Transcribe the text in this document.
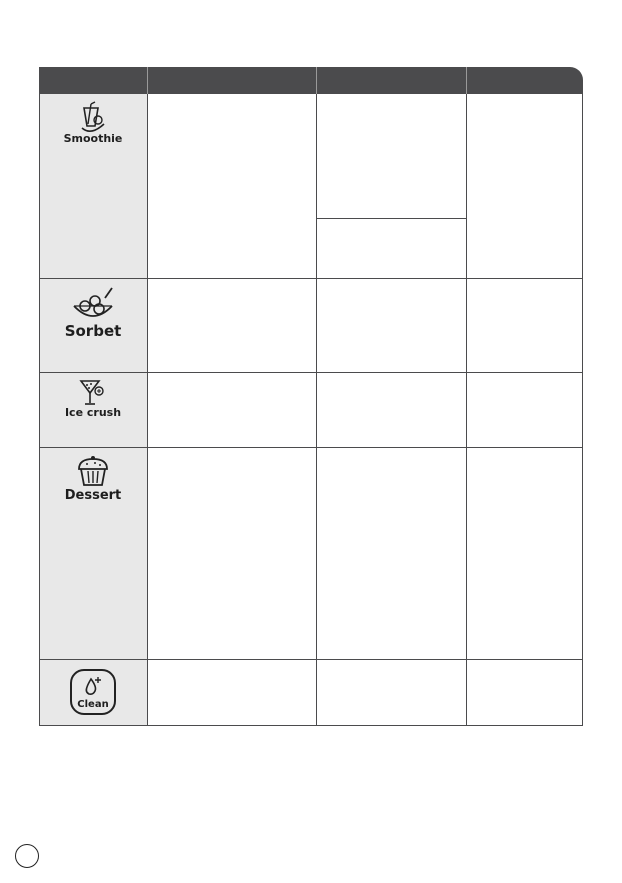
Smoothie
Sorbet
Ice crush
Dessert
Clean
